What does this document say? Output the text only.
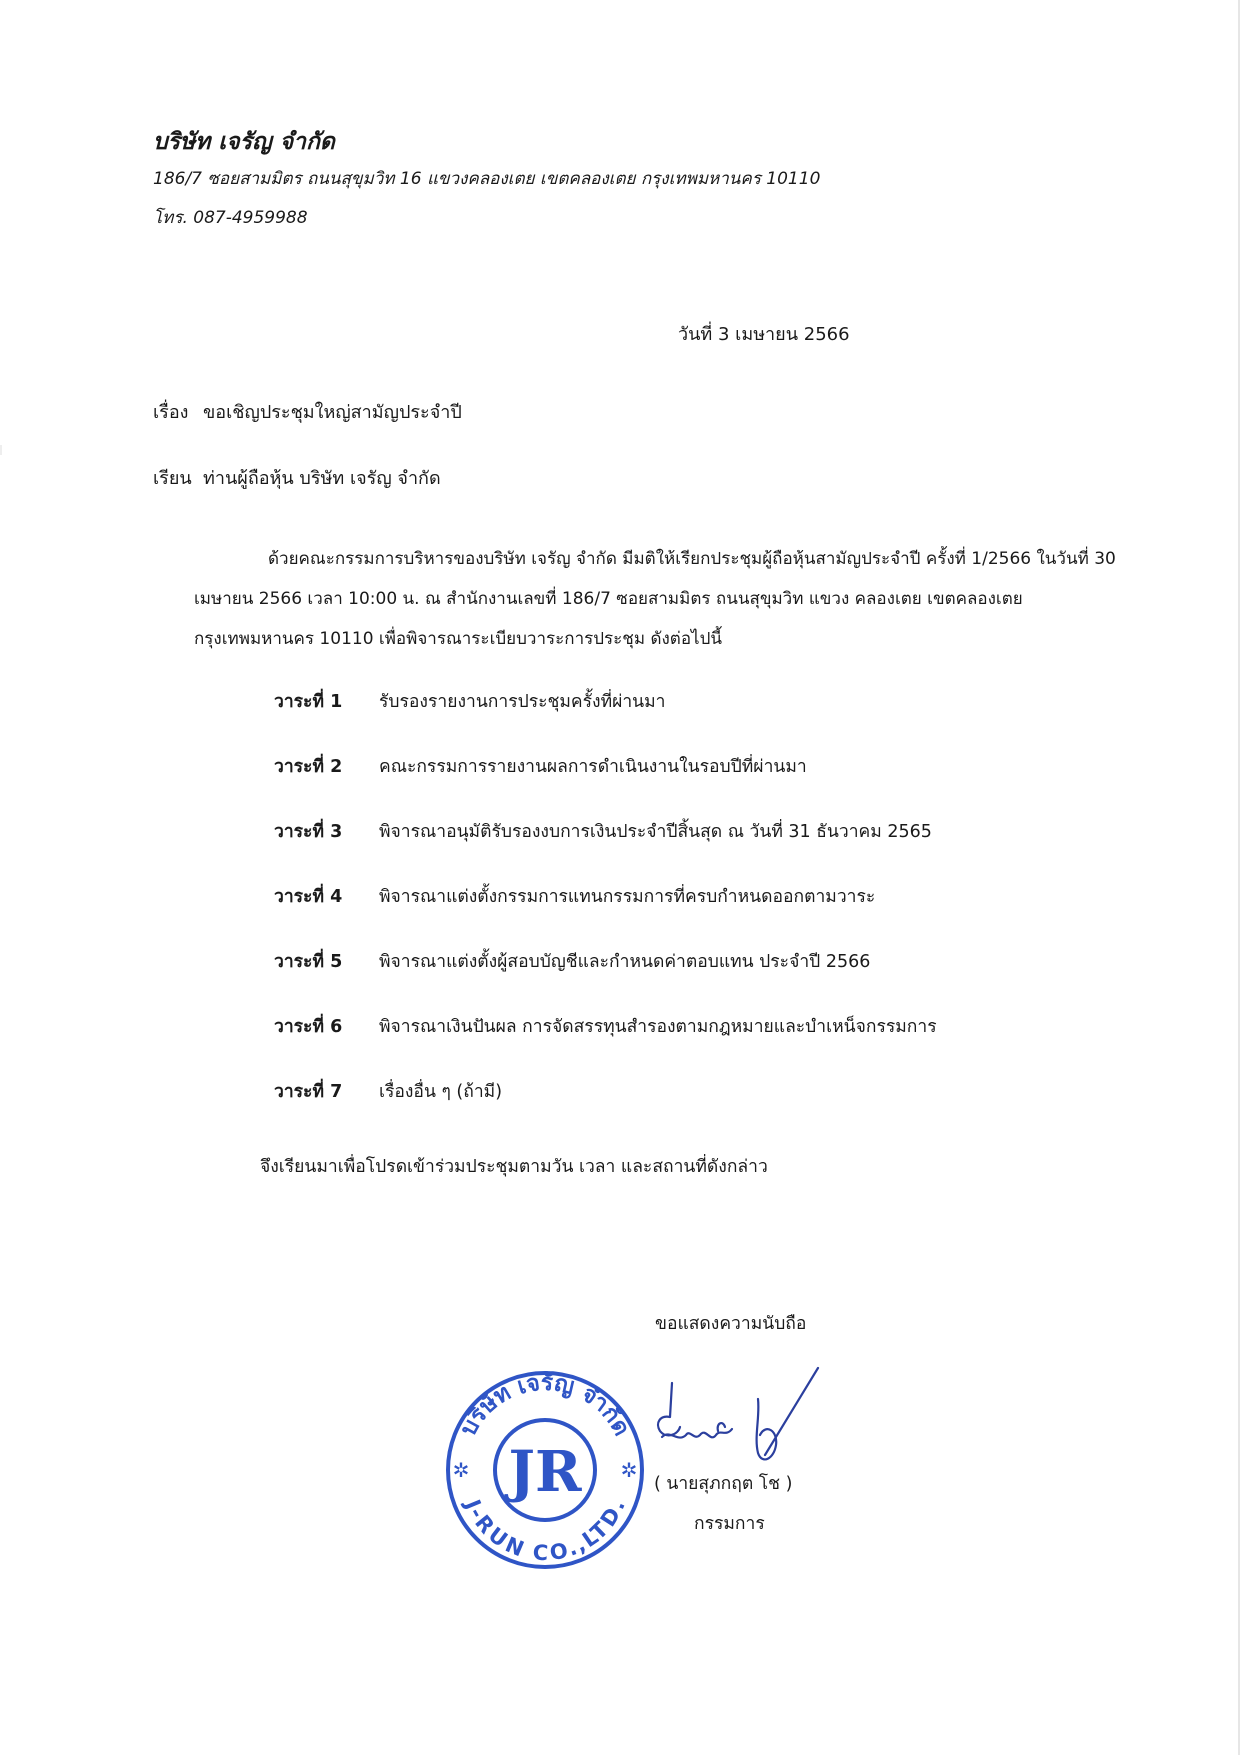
บริษัท เจรัญ จำกัด
186/7 ซอยสามมิตร ถนนสุขุมวิท 16 แขวงคลองเตย เขตคลองเตย กรุงเทพมหานคร 10110
โทร. 087-4959988
วันที่ 3 เมษายน 2566
เรื่อง ขอเชิญประชุมใหญ่สามัญประจำปี
เรียน ท่านผู้ถือหุ้น บริษัท เจรัญ จำกัด
ด้วยคณะกรรมการบริหารของบริษัท เจรัญ จำกัด มีมติให้เรียกประชุมผู้ถือหุ้นสามัญประจำปี ครั้งที่ 1/2566 ในวันที่ 30 เมษายน 2566 เวลา 10:00 น. ณ สำนักงานเลขที่ 186/7 ซอยสามมิตร ถนนสุขุมวิท แขวง คลองเตย เขตคลองเตย กรุงเทพมหานคร 10110 เพื่อพิจารณาระเบียบวาระการประชุม ดังต่อไปนี้
วาระที่ 1 รับรองรายงานการประชุมครั้งที่ผ่านมา
วาระที่ 2 คณะกรรมการรายงานผลการดำเนินงานในรอบปีที่ผ่านมา
วาระที่ 3 พิจารณาอนุมัติรับรองงบการเงินประจำปีสิ้นสุด ณ วันที่ 31 ธันวาคม 2565
วาระที่ 4 พิจารณาแต่งตั้งกรรมการแทนกรรมการที่ครบกำหนดออกตามวาระ
วาระที่ 5 พิจารณาแต่งตั้งผู้สอบบัญชีและกำหนดค่าตอบแทน ประจำปี 2566
วาระที่ 6 พิจารณาเงินปันผล การจัดสรรทุนสำรองตามกฎหมายและบำเหน็จกรรมการ
วาระที่ 7 เรื่องอื่น ๆ (ถ้ามี)
จึงเรียนมาเพื่อโปรดเข้าร่วมประชุมตามวัน เวลา และสถานที่ดังกล่าว
ขอแสดงความนับถือ
บริษัท เจรัญ จำกัด
J-RUN CO.,LTD.
JR
✲	✲
( นายสุภกฤต โช )
กรรมการ
